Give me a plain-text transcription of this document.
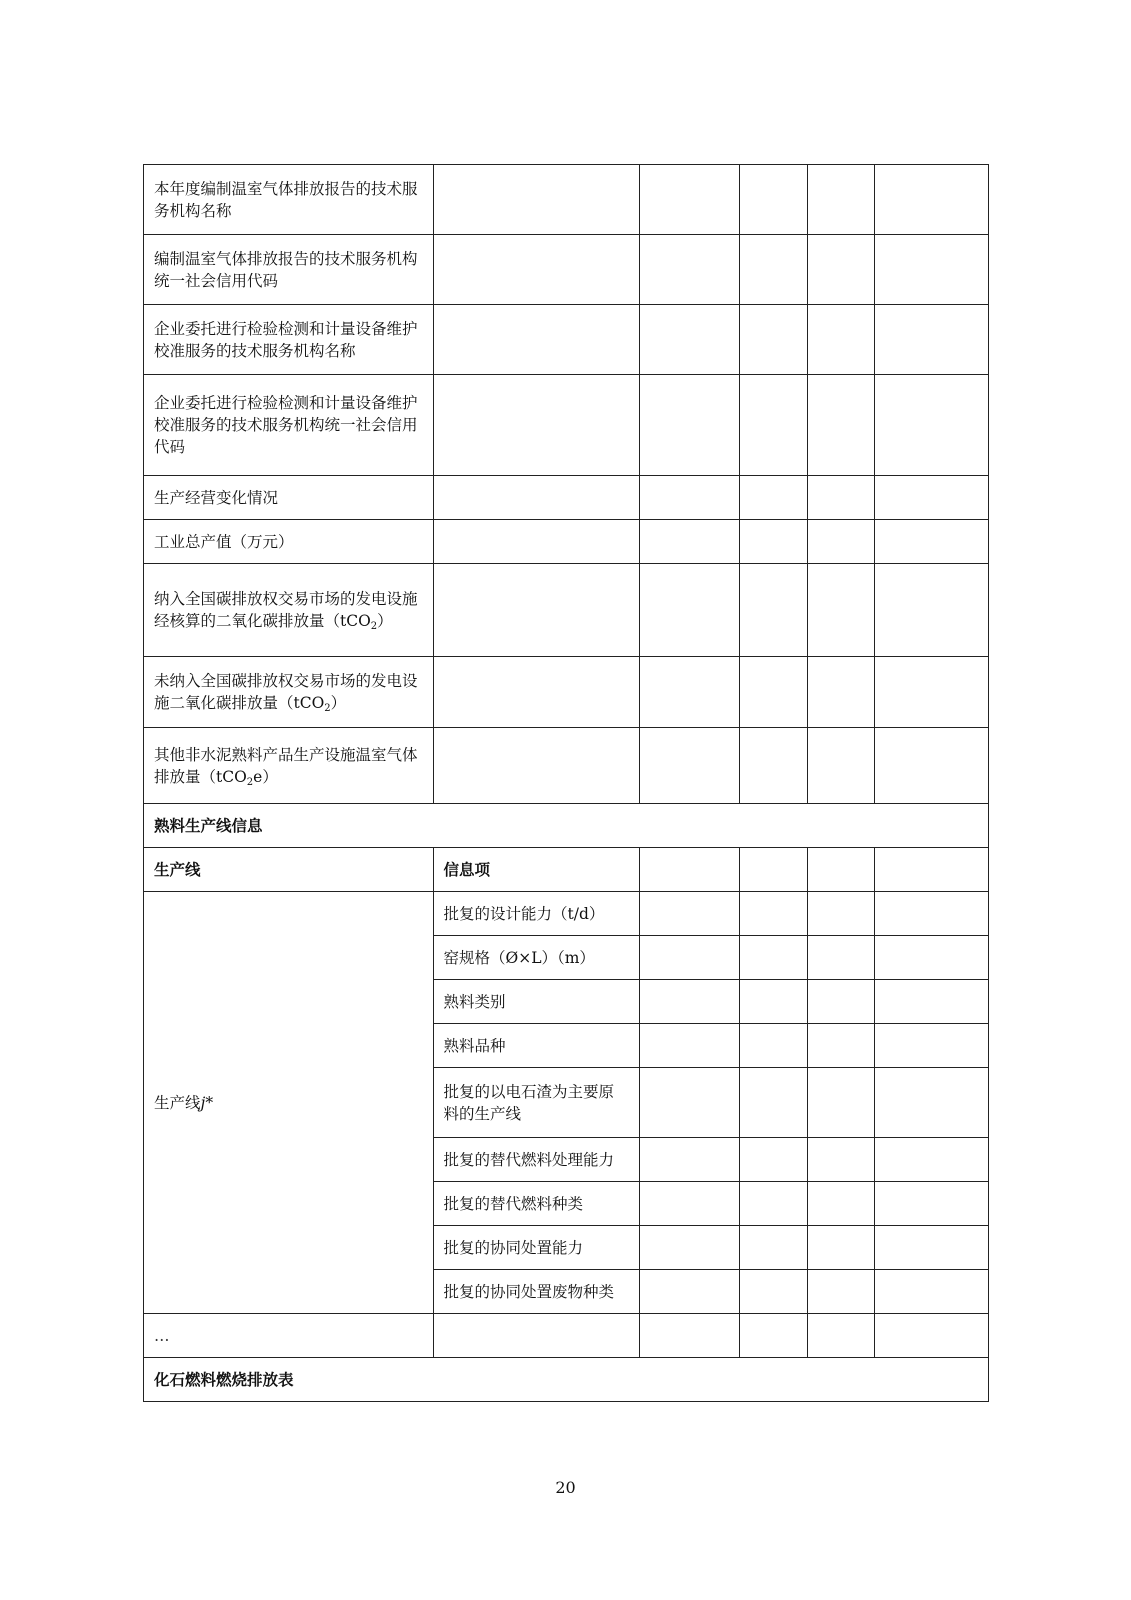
本年度编制温室气体排放报告的技术服务机构名称					
编制温室气体排放报告的技术服务机构统一社会信用代码					
企业委托进行检验检测和计量设备维护校准服务的技术服务机构名称					
企业委托进行检验检测和计量设备维护校准服务的技术服务机构统一社会信用代码					
生产经营变化情况					
工业总产值（万元）					
纳入全国碳排放权交易市场的发电设施经核算的二氧化碳排放量（tCO$_2$）					
未纳入全国碳排放权交易市场的发电设施二氧化碳排放量（tCO$_2$）					
其他非水泥熟料产品生产设施温室气体排放量（tCO$_2$e）					
熟料生产线信息					
生产线	信息项				
生产线j*	批复的设计能力（t/d）				
	窑规格（Ø×L）（m）				
	熟料类别				
	熟料品种				
	批复的以电石渣为主要原料的生产线				
	批复的替代燃料处理能力				
	批复的替代燃料种类				
	批复的协同处置能力				
	批复的协同处置废物种类				
…					
化石燃料燃烧排放表					
20
